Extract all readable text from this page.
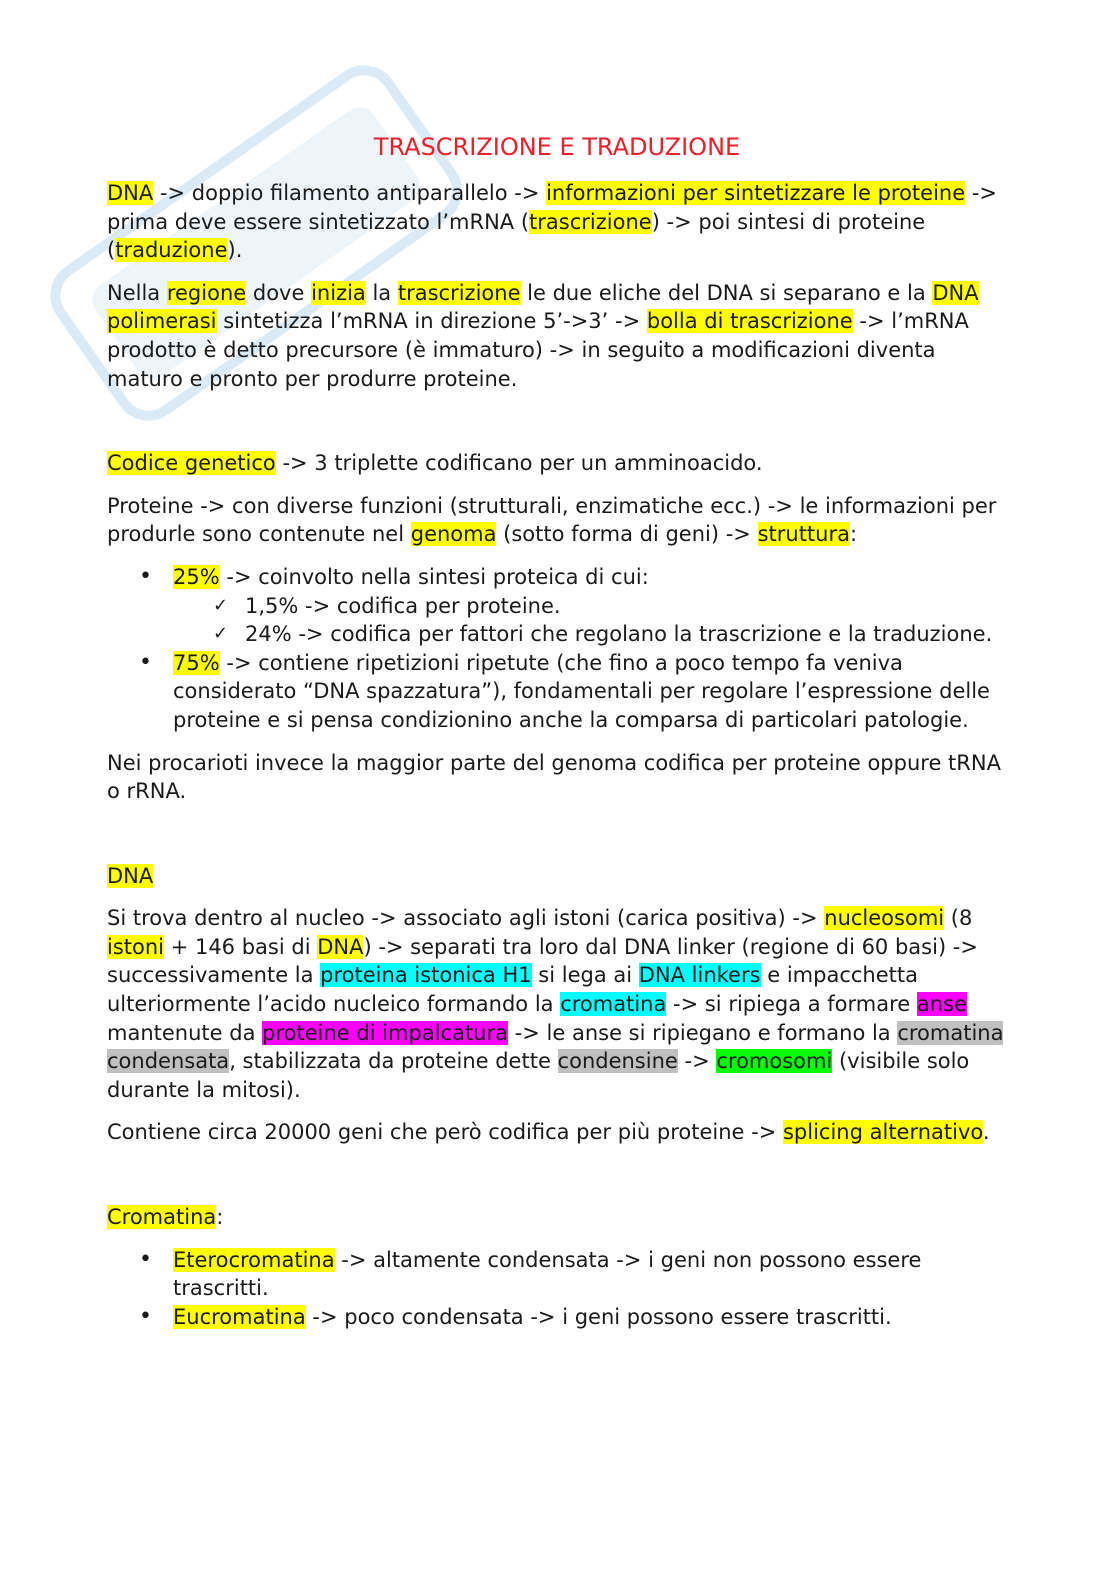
TRASCRIZIONE E TRADUZIONE

DNA -> doppio filamento antiparallelo -> informazioni per sintetizzare le proteine -> prima deve essere sintetizzato l’mRNA (trascrizione) -> poi sintesi di proteine (traduzione).

Nella regione dove inizia la trascrizione le due eliche del DNA si separano e la DNA polimerasi sintetizza l’mRNA in direzione 5’->3’ -> bolla di trascrizione -> l’mRNA prodotto è detto precursore (è immaturo) -> in seguito a modificazioni diventa maturo e pronto per produrre proteine.

Codice genetico -> 3 triplette codificano per un amminoacido.

Proteine -> con diverse funzioni (strutturali, enzimatiche ecc.) -> le informazioni per produrle sono contenute nel genoma (sotto forma di geni) -> struttura:

• 25% -> coinvolto nella sintesi proteica di cui:
✓ 1,5% -> codifica per proteine.
✓ 24% -> codifica per fattori che regolano la trascrizione e la traduzione.
• 75% -> contiene ripetizioni ripetute (che fino a poco tempo fa veniva considerato “DNA spazzatura”), fondamentali per regolare l’espressione delle proteine e si pensa condizionino anche la comparsa di particolari patologie.

Nei procarioti invece la maggior parte del genoma codifica per proteine oppure tRNA o rRNA.

DNA

Si trova dentro al nucleo -> associato agli istoni (carica positiva) -> nucleosomi (8 istoni + 146 basi di DNA) -> separati tra loro dal DNA linker (regione di 60 basi) -> successivamente la proteina istonica H1 si lega ai DNA linkers e impacchetta ulteriormente l’acido nucleico formando la cromatina -> si ripiega a formare anse mantenute da proteine di impalcatura -> le anse si ripiegano e formano la cromatina condensata, stabilizzata da proteine dette condensine -> cromosomi (visibile solo durante la mitosi).

Contiene circa 20000 geni che però codifica per più proteine -> splicing alternativo.

Cromatina:

• Eterocromatina -> altamente condensata -> i geni non possono essere trascritti.
• Eucromatina -> poco condensata -> i geni possono essere trascritti.
